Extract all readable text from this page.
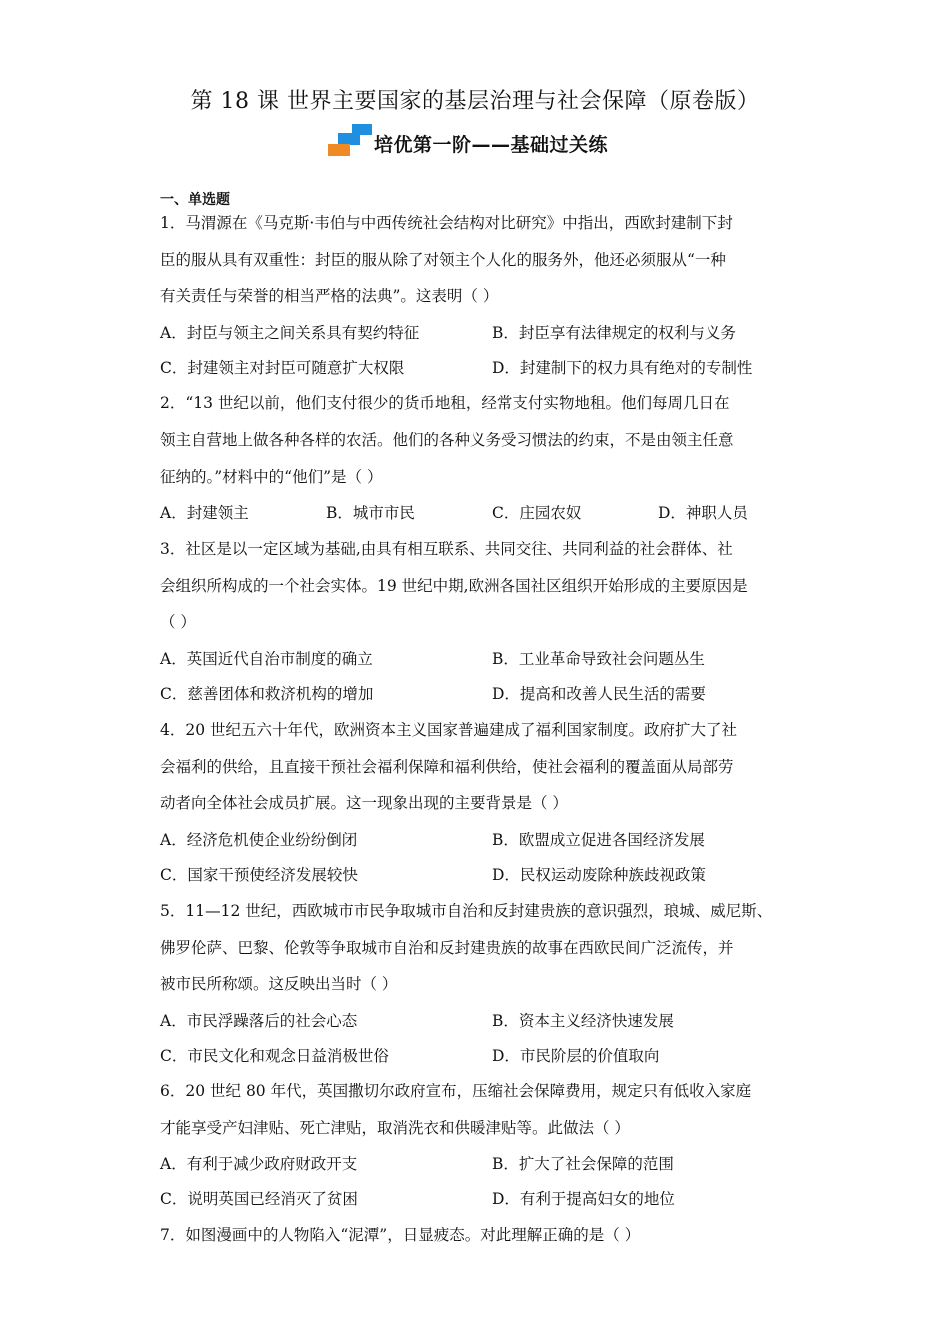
第 18 课 世界主要国家的基层治理与社会保障（原卷版）
培优第一阶——基础过关练
一、单选题
1．马渭源在《马克斯·韦伯与中西传统社会结构对比研究》中指出，西欧封建制下封
臣的服从具有双重性：封臣的服从除了对领主个人化的服务外，他还必须服从“一种
有关责任与荣誉的相当严格的法典”。这表明（ ）
A．封臣与领主之间关系具有契约特征	B．封臣享有法律规定的权利与义务
C．封建领主对封臣可随意扩大权限	D．封建制下的权力具有绝对的专制性
2．“13 世纪以前，他们支付很少的货币地租，经常支付实物地租。他们每周几日在
领主自营地上做各种各样的农活。他们的各种义务受习惯法的约束，不是由领主任意
征纳的。”材料中的“他们”是（ ）
A．封建领主	B．城市市民	C．庄园农奴	D．神职人员
3．社区是以一定区域为基础,由具有相互联系、共同交往、共同利益的社会群体、社
会组织所构成的一个社会实体。19 世纪中期,欧洲各国社区组织开始形成的主要原因是
（ ）
A．英国近代自治市制度的确立	B．工业革命导致社会问题丛生
C．慈善团体和救济机构的增加	D．提高和改善人民生活的需要
4．20 世纪五六十年代，欧洲资本主义国家普遍建成了福利国家制度。政府扩大了社
会福利的供给，且直接干预社会福利保障和福利供给，使社会福利的覆盖面从局部劳
动者向全体社会成员扩展。这一现象出现的主要背景是（ ）
A．经济危机使企业纷纷倒闭	B．欧盟成立促进各国经济发展
C．国家干预使经济发展较快	D．民权运动废除种族歧视政策
5．11—12 世纪，西欧城市市民争取城市自治和反封建贵族的意识强烈，琅城、威尼斯、
佛罗伦萨、巴黎、伦敦等争取城市自治和反封建贵族的故事在西欧民间广泛流传，并
被市民所称颂。这反映出当时（ ）
A．市民浮躁落后的社会心态	B．资本主义经济快速发展
C．市民文化和观念日益消极世俗	D．市民阶层的价值取向
6．20 世纪 80 年代，英国撒切尔政府宣布，压缩社会保障费用，规定只有低收入家庭
才能享受产妇津贴、死亡津贴，取消洗衣和供暖津贴等。此做法（ ）
A．有利于减少政府财政开支	B．扩大了社会保障的范围
C．说明英国已经消灭了贫困	D．有利于提高妇女的地位
7．如图漫画中的人物陷入“泥潭”，日显疲态。对此理解正确的是（ ）
